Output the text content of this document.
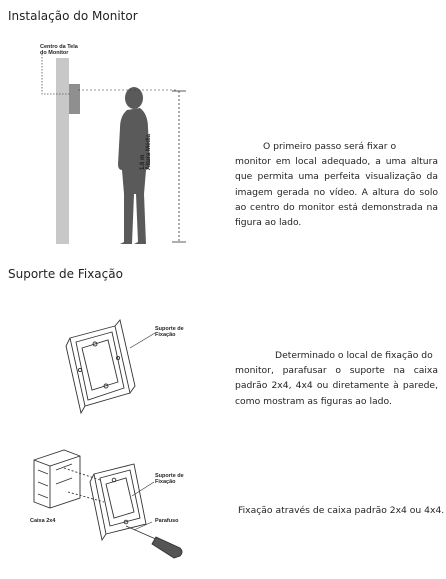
Instalação do Monitor
Centro da Tela
do Monitor
1.6 m Altura Média	O primeiro passo será fixar o
monitor em local adequado, a uma altura que permita uma perfeita visualização da imagem gerada no vídeo. A altura do solo ao centro do monitor está demonstrada na figura ao lado.
Suporte de Fixação
Suporte de
Fixação
Determinado o local de fixação do
monitor, parafusar o suporte na caixa padrão 2x4, 4x4 ou diretamente à parede, como mostram as figuras ao lado.
Suporte de
Fixação
Parafuso
Caixa 2x4
Fixação através de caixa padrão 2x4 ou 4x4.
